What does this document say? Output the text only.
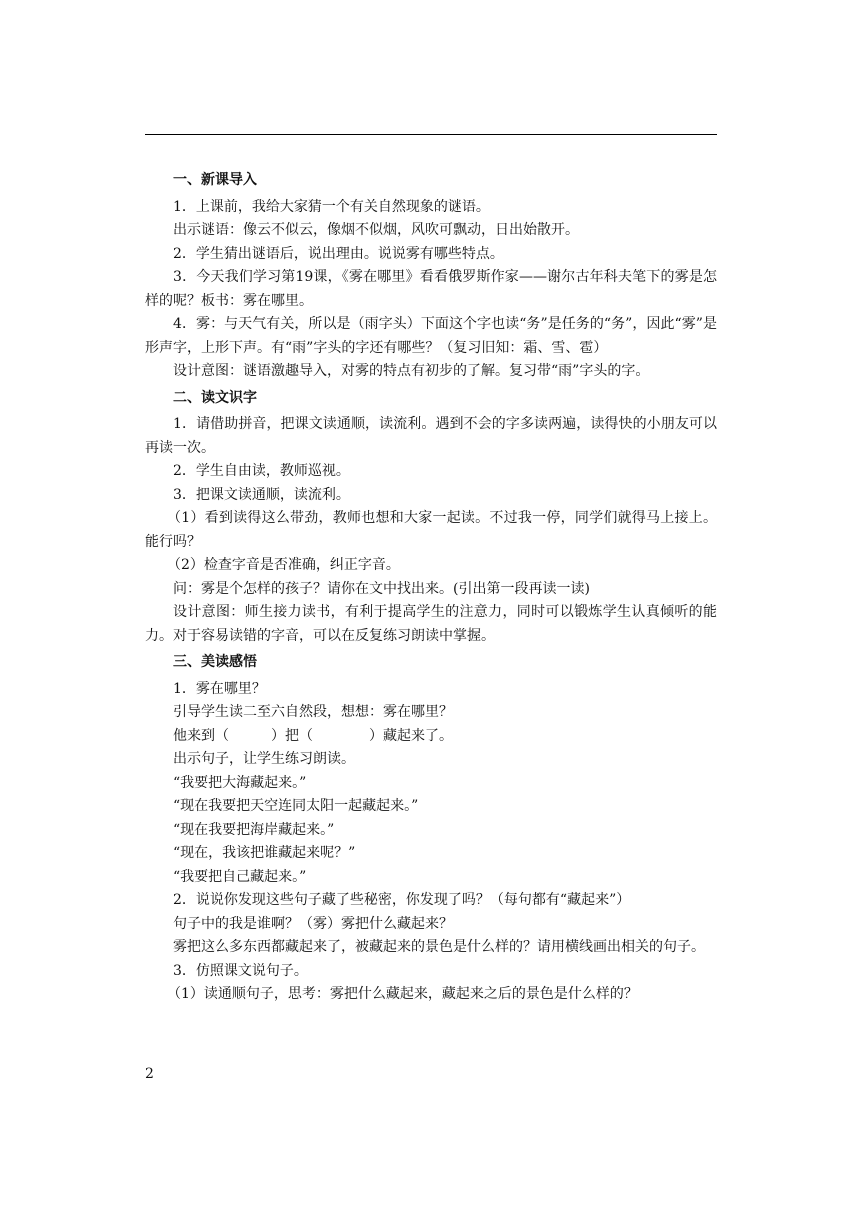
一、新课导入

1．上课前，我给大家猜一个有关自然现象的谜语。

出示谜语：像云不似云，像烟不似烟，风吹可飘动，日出始散开。

2．学生猜出谜语后，说出理由。说说雾有哪些特点。

3．今天我们学习第19课，《雾在哪里》看看俄罗斯作家——谢尔古年科夫笔下的雾是怎样的呢？板书：雾在哪里。

4．雾：与天气有关，所以是（雨字头）下面这个字也读“务”是任务的“务”，因此“雾”是形声字，上形下声。有“雨”字头的字还有哪些？（复习旧知：霜、雪、雹）

设计意图：谜语激趣导入，对雾的特点有初步的了解。复习带“雨”字头的字。

二、读文识字

1．请借助拼音，把课文读通顺，读流利。遇到不会的字多读两遍，读得快的小朋友可以再读一次。

2．学生自由读，教师巡视。

3．把课文读通顺，读流利。

（1）看到读得这么带劲，教师也想和大家一起读。不过我一停，同学们就得马上接上。能行吗？

（2）检查字音是否准确，纠正字音。

问：雾是个怎样的孩子？请你在文中找出来。(引出第一段再读一读)

设计意图：师生接力读书，有利于提高学生的注意力，同时可以锻炼学生认真倾听的能力。对于容易读错的字音，可以在反复练习朗读中掌握。

三、美读感悟

1．雾在哪里？

引导学生读二至六自然段，想想：雾在哪里？

他来到（　　　）把（　　　　）藏起来了。

出示句子，让学生练习朗读。

“我要把大海藏起来。”

“现在我要把天空连同太阳一起藏起来。”

“现在我要把海岸藏起来。”

“现在，我该把谁藏起来呢？”

“我要把自己藏起来。”

2．说说你发现这些句子藏了些秘密，你发现了吗？（每句都有“藏起来”）

句子中的我是谁啊？（雾）雾把什么藏起来？

雾把这么多东西都藏起来了，被藏起来的景色是什么样的？请用横线画出相关的句子。

3．仿照课文说句子。

（1）读通顺句子，思考：雾把什么藏起来，藏起来之后的景色是什么样的？

2
